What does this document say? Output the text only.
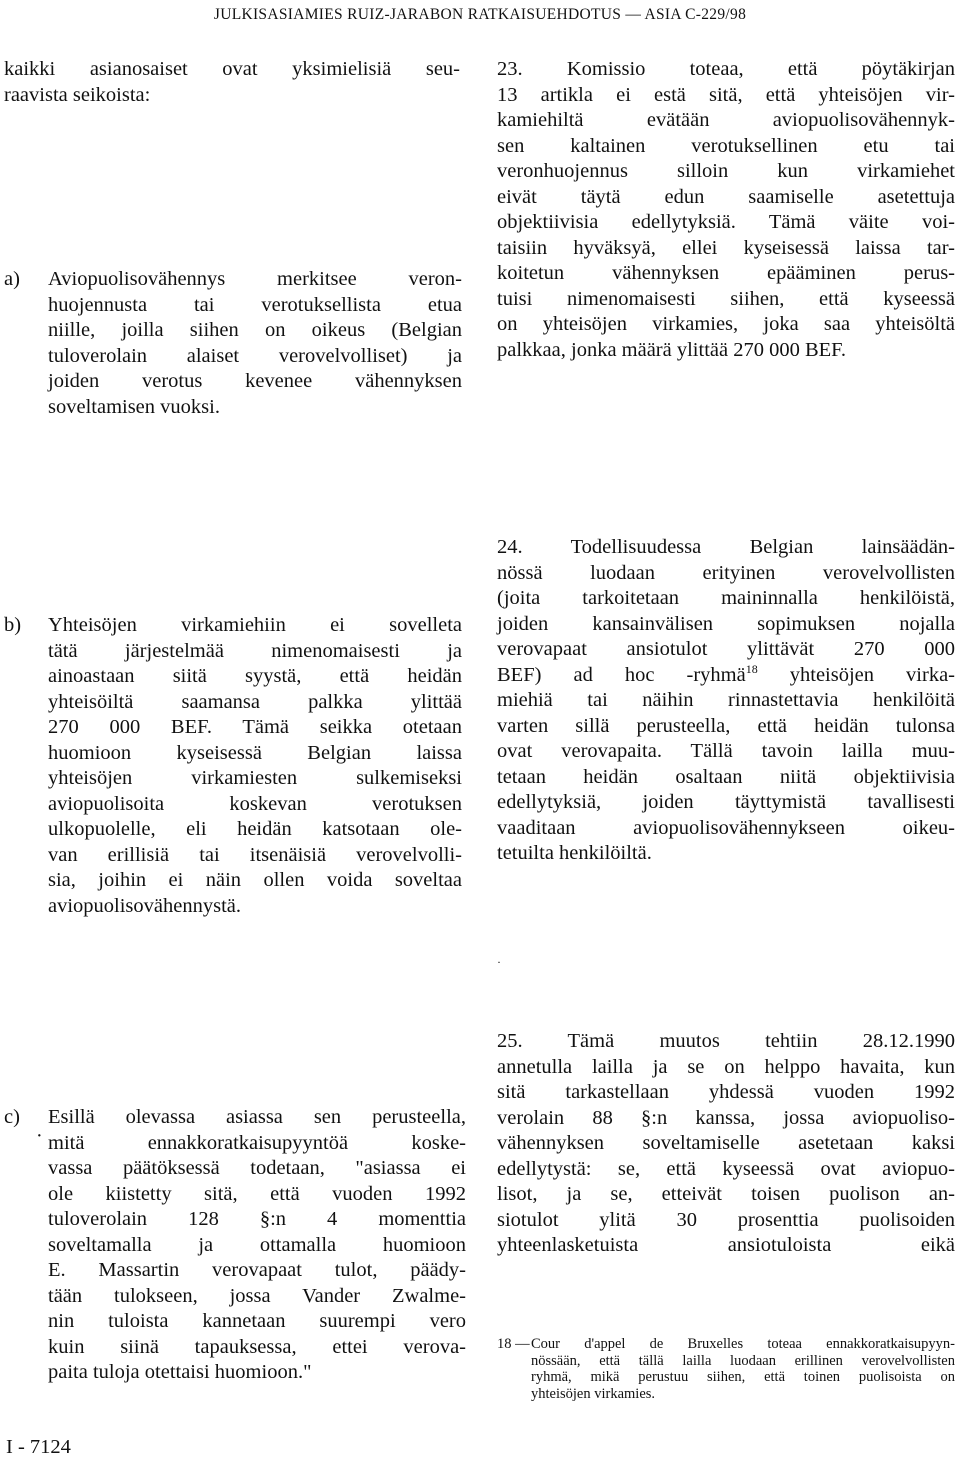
JULKISASIAMIES RUIZ-JARABON RATKAISUEHDOTUS — ASIA C-229/98
kaikki asianosaiset ovat yksimielisiä seu-
raavista seikoista:
a) Aviopuolisovähennys merkitsee veron-
huojennusta tai verotuksellista etua
niille, joilla siihen on oikeus (Belgian
tuloverolain alaiset verovelvolliset) ja
joiden verotus kevenee vähennyksen
soveltamisen vuoksi.
b) Yhteisöjen virkamiehiin ei sovelleta
tätä järjestelmää nimenomaisesti ja
ainoastaan siitä syystä, että heidän
yhteisöiltä saamansa palkka ylittää
270 000 BEF. Tämä seikka otetaan
huomioon kyseisessä Belgian laissa
yhteisöjen virkamiesten sulkemiseksi
aviopuolisoita koskevan verotuksen
ulkopuolelle, eli heidän katsotaan ole-
van erillisiä tai itsenäisiä verovelvolli-
sia, joihin ei näin ollen voida soveltaa
aviopuolisovähennystä.
c) Esillä olevassa asiassa sen perusteella,
mitä ennakkoratkaisupyyntöä koske-
vassa päätöksessä todetaan, "asiassa ei
ole kiistetty sitä, että vuoden 1992
tuloverolain 128 §:n 4 momenttia
soveltamalla ja ottamalla huomioon
E. Massartin verovapaat tulot, päädy-
tään tulokseen, jossa Vander Zwalme-
nin tuloista kannetaan suurempi vero
kuin siinä tapauksessa, ettei verova-
paita tuloja otettaisi huomioon."
·
23. Komissio toteaa, että pöytäkirjan
13 artikla ei estä sitä, että yhteisöjen vir-
kamiehiltä evätään aviopuolisovähennyk-
sen kaltainen verotuksellinen etu tai
veronhuojennus silloin kun virkamiehet
eivät täytä edun saamiselle asetettuja
objektiivisia edellytyksiä. Tämä väite voi-
taisiin hyväksyä, ellei kyseisessä laissa tar-
koitetun vähennyksen epääminen perus-
tuisi nimenomaisesti siihen, että kyseessä
on yhteisöjen virkamies, joka saa yhteisöltä
palkkaa, jonka määrä ylittää 270 000 BEF.
24. Todellisuudessa Belgian lainsäädän-
nössä luodaan erityinen verovelvollisten
(joita tarkoitetaan maininnalla henkilöistä,
joiden kansainvälisen sopimuksen nojalla
verovapaat ansiotulot ylittävät 270 000
BEF) ad hoc -ryhmä$^{18}$ yhteisöjen virka-
miehiä tai näihin rinnastettavia henkilöitä
varten sillä perusteella, että heidän tulonsa
ovat verovapaita. Tällä tavoin lailla muu-
tetaan heidän osaltaan niitä objektiivisia
edellytyksiä, joiden täyttymistä tavallisesti
vaaditaan aviopuolisovähennykseen oikeu-
tetuilta henkilöiltä.
·
25. Tämä muutos tehtiin 28.12.1990
annetulla lailla ja se on helppo havaita, kun
sitä tarkastellaan yhdessä vuoden 1992
verolain 88 §:n kanssa, jossa aviopuoliso-
vähennyksen soveltamiselle asetetaan kaksi
edellytystä: se, että kyseessä ovat aviopuo-
lisot, ja se, etteivät toisen puolison an-
siotulot ylitä 30 prosenttia puolisoiden
yhteenlasketuista ansiotuloista eikä
18 — Cour d'appel de Bruxelles toteaa ennakkoratkaisupyyn-
nössään, että tällä lailla luodaan erillinen verovelvollisten
ryhmä, mikä perustuu siihen, että toinen puolisoista on
yhteisöjen virkamies.
I - 7124
